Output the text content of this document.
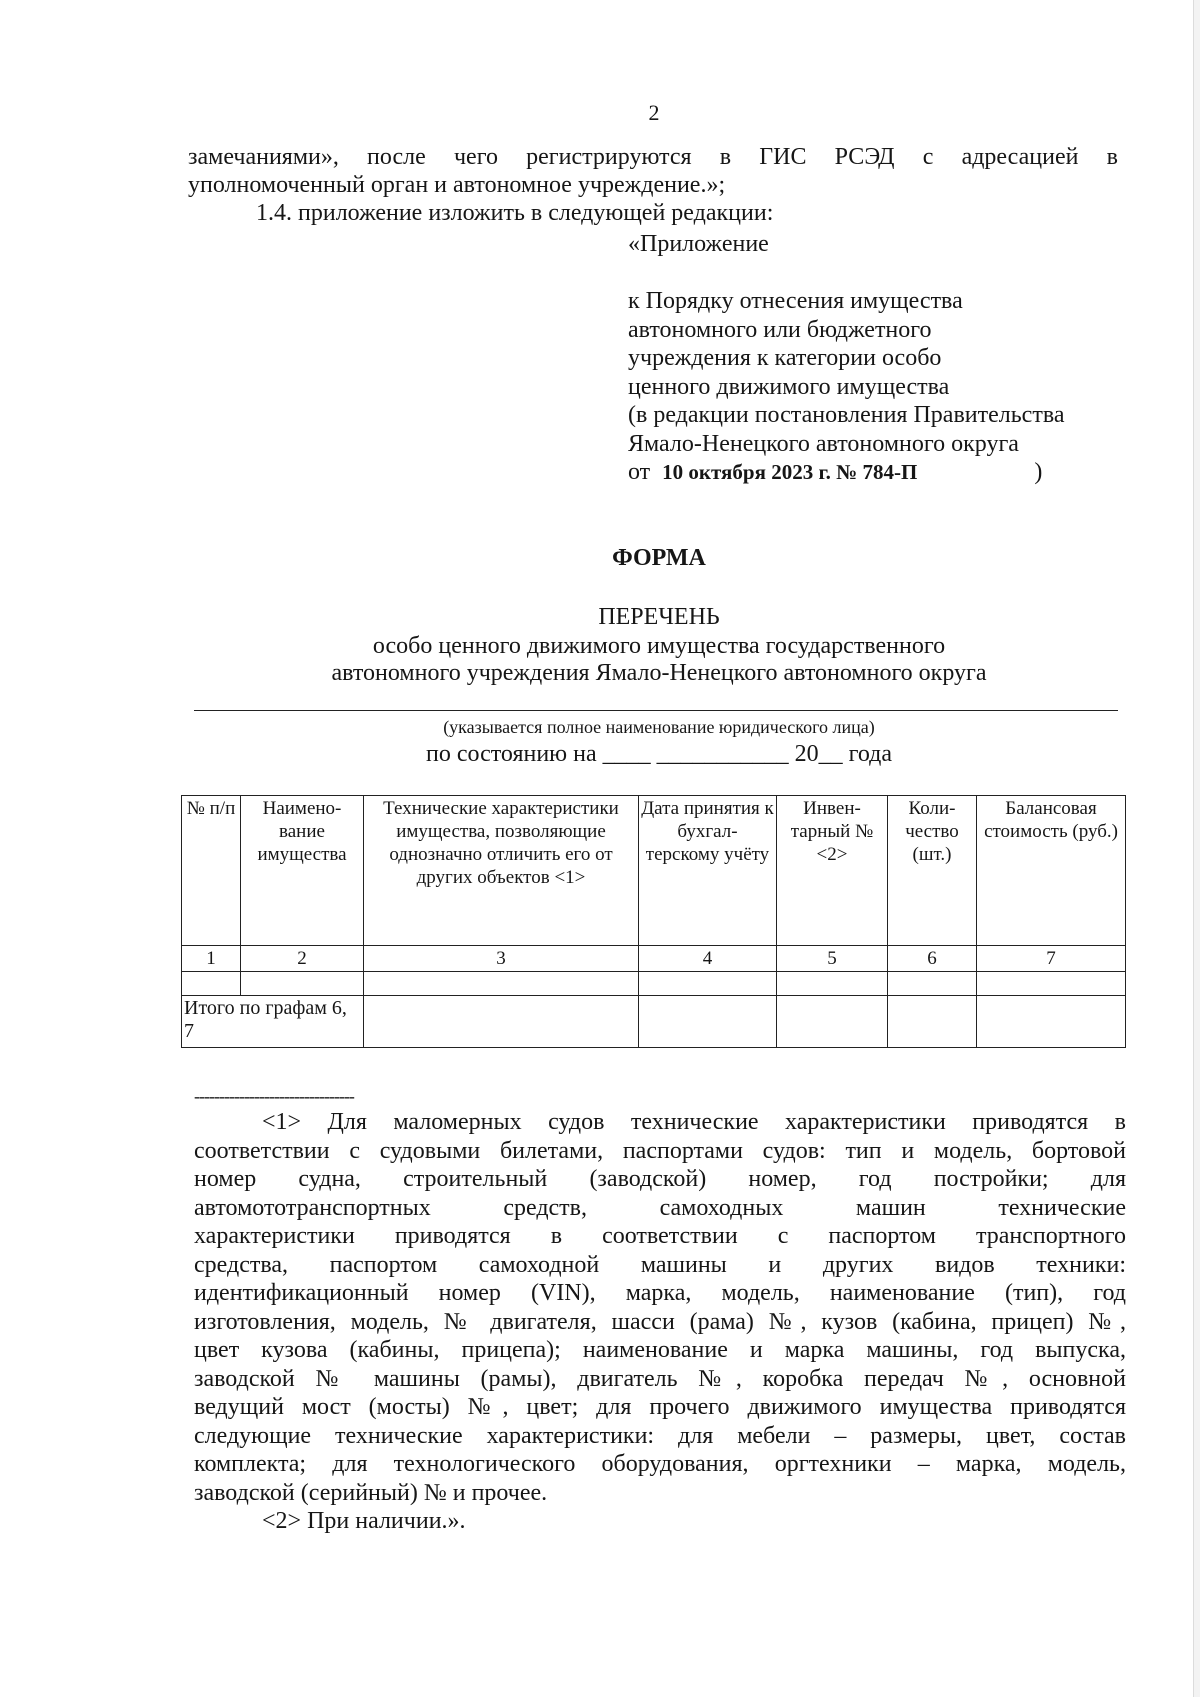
2
замечаниями», после чего регистрируются в ГИС РСЭД с адресацией в
уполномоченный орган и автономное учреждение.»;
1.4. приложение изложить в следующей редакции:
«Приложение
к Порядку отнесения имущества
автономного или бюджетного
учреждения к категории особо
ценного движимого имущества
(в редакции постановления Правительства
Ямало-Ненецкого автономного округа
от 10 октября 2023 г. № 784-П	)
ФОРМА
ПЕРЕЧЕНЬ
особо ценного движимого имущества государственного
автономного учреждения Ямало-Ненецкого автономного округа
(указывается полное наименование юридического лица)
по состоянию на ____ ___________ 20__ года
№ п/п	Наимено-вание имущества	Технические характеристики имущества, позволяющие однозначно отличить его от других объектов <1>	Дата принятия к бухгал-терскому учёту	Инвен-тарный № <2>	Коли-чество (шт.)	Балансовая стоимость (руб.)
1	2	3	4	5	6	7

Итого по графам 6, 7						
--------------------------------
<1> Для маломерных судов технические характеристики приводятся в
соответствии с судовыми билетами, паспортами судов: тип и модель, бортовой
номер судна, строительный (заводской) номер, год постройки; для
автомототранспортных средств, самоходных машин технические
характеристики приводятся в соответствии с паспортом транспортного
средства, паспортом самоходной машины и других видов техники:
идентификационный номер (VIN), марка, модель, наименование (тип), год
изготовления, модель, № двигателя, шасси (рама) №, кузов (кабина, прицеп) №,
цвет кузова (кабины, прицепа); наименование и марка машины, год выпуска,
заводской № машины (рамы), двигатель №, коробка передач №, основной
ведущий мост (мосты) №, цвет; для прочего движимого имущества приводятся
следующие технические характеристики: для мебели – размеры, цвет, состав
комплекта; для технологического оборудования, оргтехники – марка, модель,
заводской (серийный) № и прочее.
<2> При наличии.».
